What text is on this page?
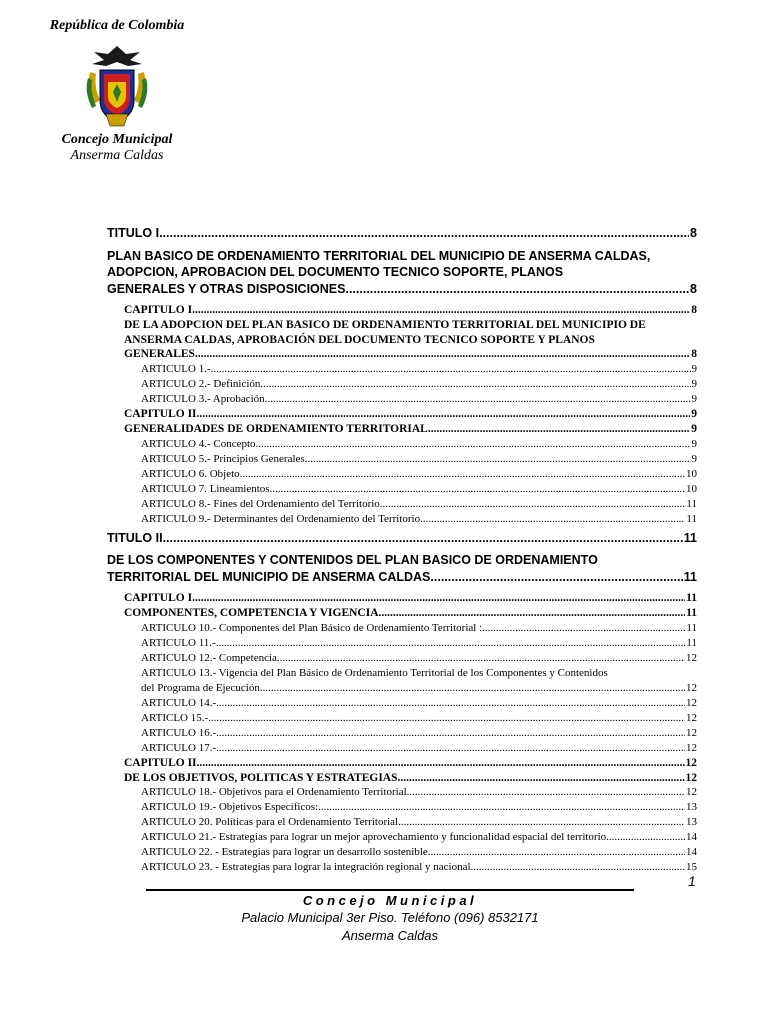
República de Colombia
Concejo Municipal
Anserma Caldas
TITULO I .....	8
PLAN BASICO DE ORDENAMIENTO TERRITORIAL DEL MUNICIPIO DE ANSERMA CALDAS, ADOPCION, APROBACION DEL DOCUMENTO TECNICO SOPORTE, PLANOS
GENERALES Y OTRAS DISPOSICIONES .....	8
CAPITULO I .....	8
DE LA ADOPCION DEL PLAN BASICO DE ORDENAMIENTO TERRITORIAL DEL MUNICIPIO DE ANSERMA CALDAS, APROBACIÓN DEL DOCUMENTO TECNICO SOPORTE Y PLANOS
GENERALES .....	8
ARTICULO 1.- .....	9
ARTICULO 2.- Definición. .....	9
ARTICULO 3.- Aprobación. .....	9
CAPITULO II .....	9
GENERALIDADES DE ORDENAMIENTO TERRITORIAL .....	9
ARTICULO 4.- Concepto. .....	9
ARTICULO 5.- Principios Generales .....	9
ARTICULO 6. Objeto. .....	10
ARTICULO 7. Lineamientos. .....	10
ARTICULO 8.- Fines del Ordenamiento del Territorio. .....	11
ARTICULO 9.- Determinantes del Ordenamiento del Territorio. .....	11
TITULO II .....	11
DE LOS COMPONENTES Y CONTENIDOS DEL PLAN BASICO DE ORDENAMIENTO
TERRITORIAL DEL MUNICIPIO DE ANSERMA CALDAS .....	11
CAPITULO I .....	11
COMPONENTES, COMPETENCIA Y VIGENCIA .....	11
ARTICULO 10.- Componentes del Plan Básico de Ordenamiento Territorial : .....	11
ARTICULO 11.- .....	11
ARTICULO 12.- Competencia. .....	12
ARTICULO 13.- Vigencia del Plan Básico de Ordenamiento Territorial de los Componentes y Contenidos
del Programa de Ejecución .....	12
ARTICULO 14.- .....	12
ARTICLO 15.- .....	12
ARTICULO 16.- .....	12
ARTICULO 17.- .....	12
CAPITULO II .....	12
DE LOS OBJETIVOS, POLITICAS Y ESTRATEGIAS .....	12
ARTICULO 18.- Objetivos para el Ordenamiento Territorial .....	12
ARTICULO 19.- Objetivos Específicos: .....	13
ARTICULO 20. Políticas para el Ordenamiento Territorial .....	13
ARTICULO 21.- Estrategias para lograr un mejor aprovechamiento y funcionalidad espacial del territorio. .....	14
ARTICULO 22. - Estrategias para lograr un desarrollo sostenible. .....	14
ARTICULO 23. - Estrategias para lograr la integración regional y nacional. .....	15
1
Concejo Municipal
Palacio Municipal 3er Piso. Teléfono (096) 8532171
Anserma Caldas
